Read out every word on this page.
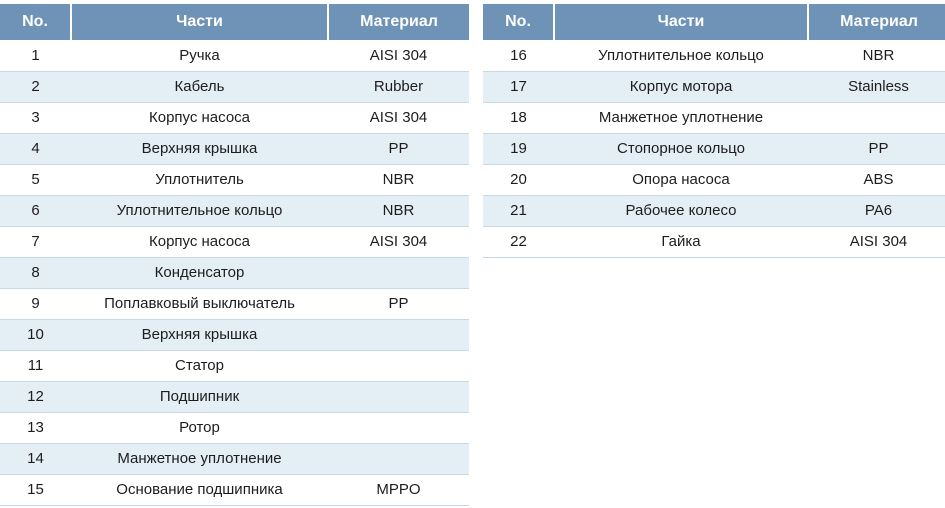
No.	Части	Материал
1	Ручка	AISI 304
2	Кабель	Rubber
3	Корпус насоса	AISI 304
4	Верхняя крышка	PP
5	Уплотнитель	NBR
6	Уплотнительное кольцо	NBR
7	Корпус насоса	AISI 304
8	Конденсатор	
9	Поплавковый выключатель	PP
10	Верхняя крышка	
11	Статор	
12	Подшипник	
13	Ротор	
14	Манжетное уплотнение	
15	Основание подшипника	MPPO
No.	Части	Материал
16	Уплотнительное кольцо	NBR
17	Корпус мотора	Stainless
18	Манжетное уплотнение	
19	Стопорное кольцо	PP
20	Опора насоса	ABS
21	Рабочее колесо	PA6
22	Гайка	AISI 304
